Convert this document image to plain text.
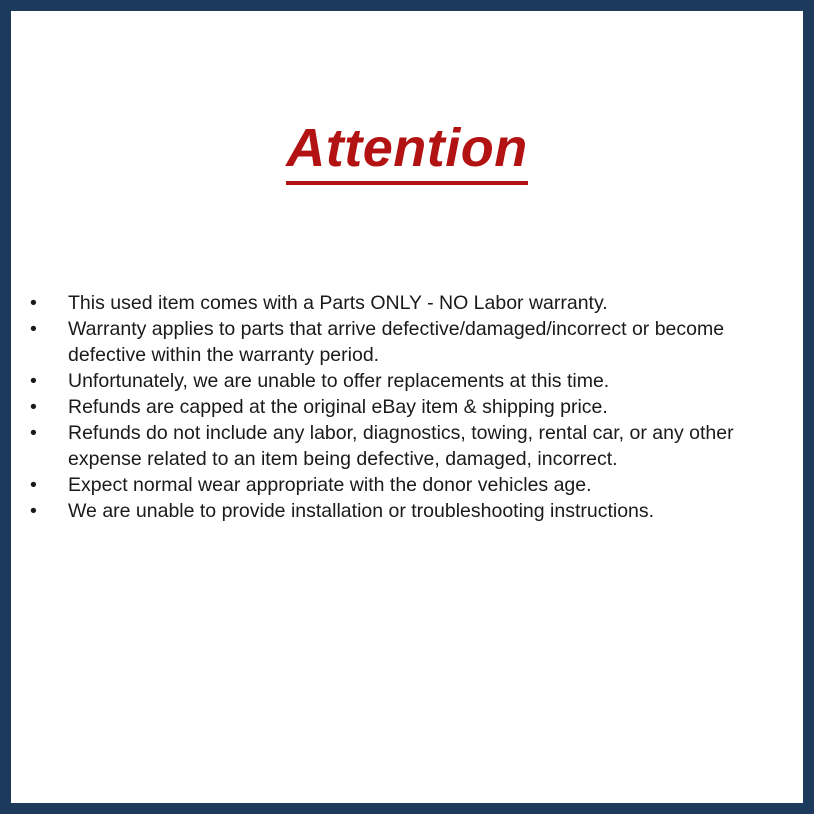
Attention
•	This used item comes with a Parts ONLY - NO Labor warranty.
•	Warranty applies to parts that arrive defective/damaged/incorrect or become defective within the warranty period.
•	Unfortunately, we are unable to offer replacements at this time.
•	Refunds are capped at the original eBay item & shipping price.
•	Refunds do not include any labor, diagnostics, towing, rental car, or any other expense related to an item being defective, damaged, incorrect.
•	Expect normal wear appropriate with the donor vehicles age.
•	We are unable to provide installation or troubleshooting instructions.
